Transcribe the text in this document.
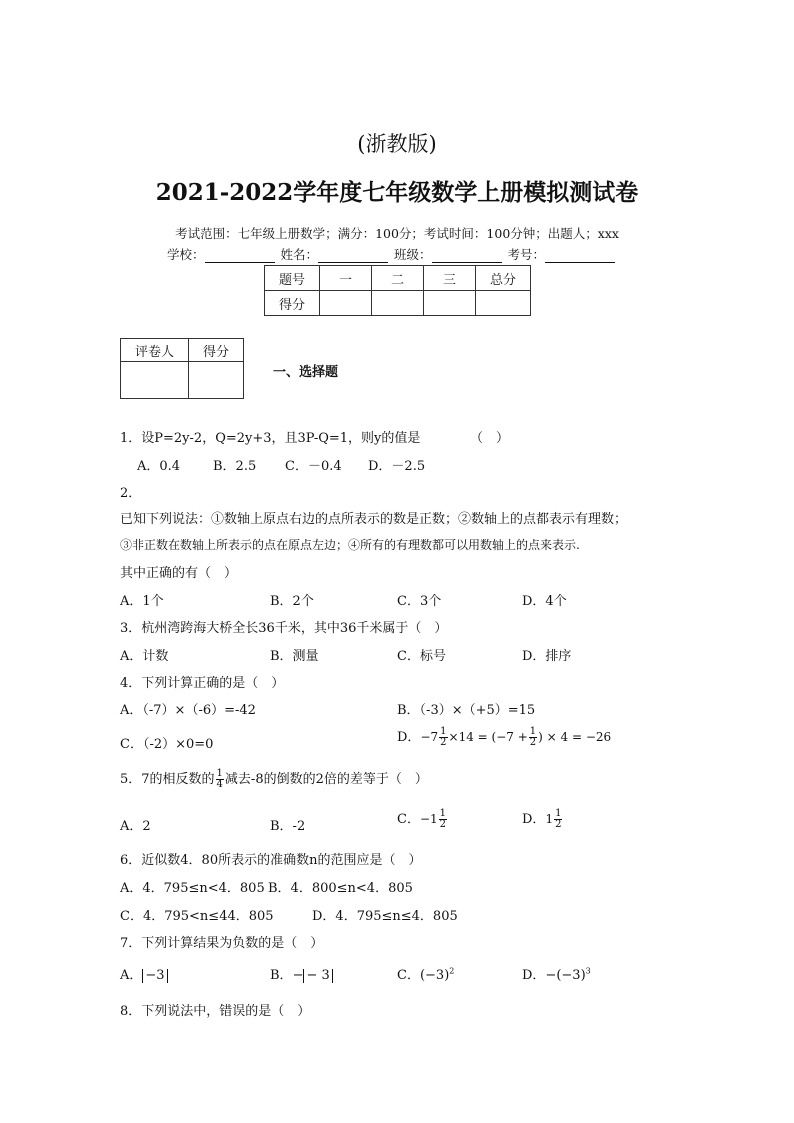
(浙教版)
2021-2022学年度七年级数学上册模拟测试卷
考试范围：七年级上册数学；满分：100分；考试时间：100分钟；出题人；xxx
学校：	姓名：	班级：	考号：
题号	一	二	三	总分
得分				
评卷人	得分

一、选择题
1．设P=2y-2，Q=2y+3，且3P-Q=1，则y的值是	（　）
A．0.4	B．2.5 C．－0.4 D．－2.5
2．
已知下列说法：①数轴上原点右边的点所表示的数是正数；②数轴上的点都表示有理数；
③非正数在数轴上所表示的点在原点左边；④所有的有理数都可以用数轴上的点来表示.
其中正确的有（　）
A．1个	B．2个	C．3个	D．4个
3．杭州湾跨海大桥全长36千米，其中36千米属于（　）
A．计数	B．测量	C．标号	D．排序
4．下列计算正确的是（　）
A．（-7）×（-6）=-42	B．（-3）×（+5）=15
C．（-2）×0=0	D．$-7 \frac{1}{2} \times 14 = (-7 + \frac{1}{2}$ ) × 4 = −26
5．7的相反数的 $\frac{1}{4}$ 减去-8的倒数的2倍的差等于（　）
A．2	B．-2	C．$-1 \frac{1}{2}$	D．$1 \frac{1}{2}$
6．近似数4．80所表示的准确数n的范围应是（　）
A．4．795≤n<4．805 B．4．800≤n<4．805
C．4．795<n≤44．805	D．4．795≤n≤4．805
7．下列计算结果为负数的是（　）
A． −3	B．− − 3	C．$(-3)^2$	D．$-(-3)^3$
8．下列说法中，错误的是（　）
